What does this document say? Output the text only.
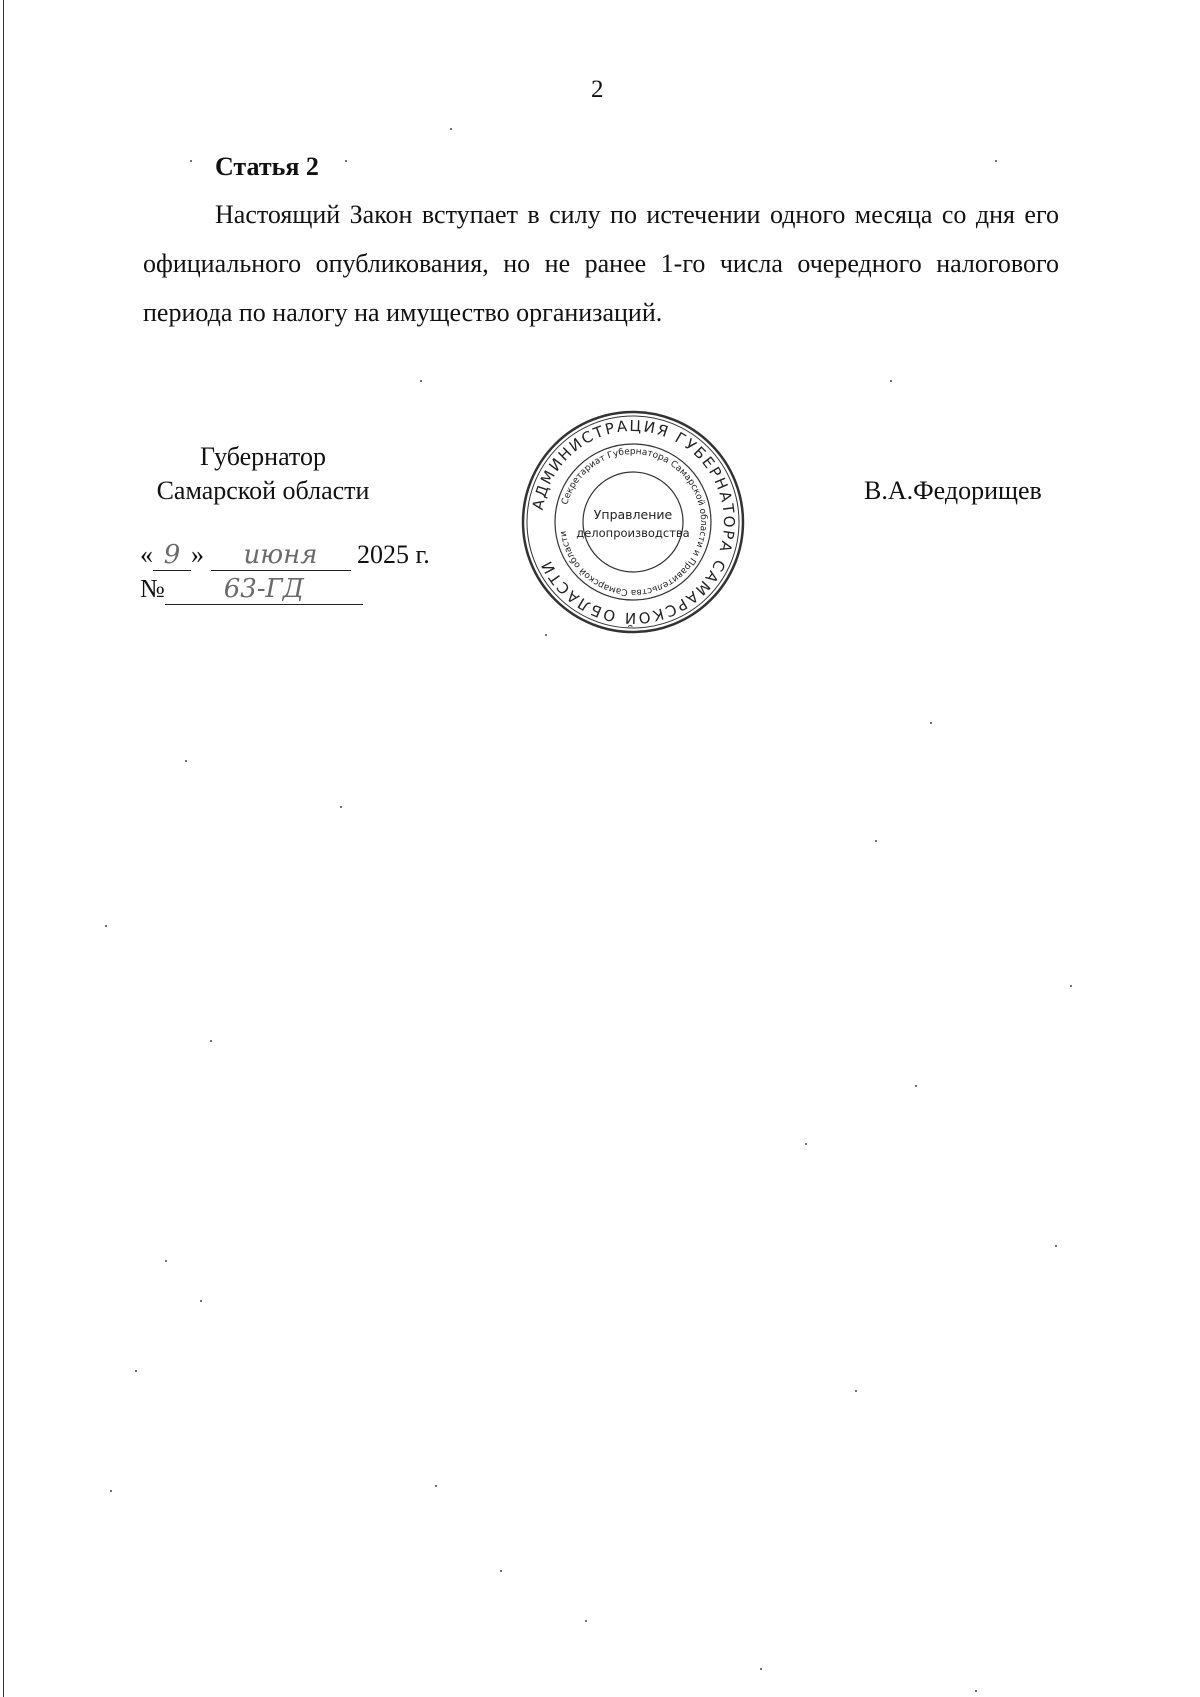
2
Статья 2

Настоящий Закон вступает в силу по истечении одного месяца со дня его официального опубликования, но не ранее 1-го числа очередного налогового периода по налогу на имущество организаций.

Губернатор
Самарской области	АДМИНИСТРАЦИЯ ГУБЕРНАТОРА САМАРСКОЙ ОБЛАСТИ
Секретариат Губернатора Самарской области и Правительства Самарской области
Управление
делопроизводства
В.А.Федорищев
« 9 » июня 2025 г.
№ 63-ГД
